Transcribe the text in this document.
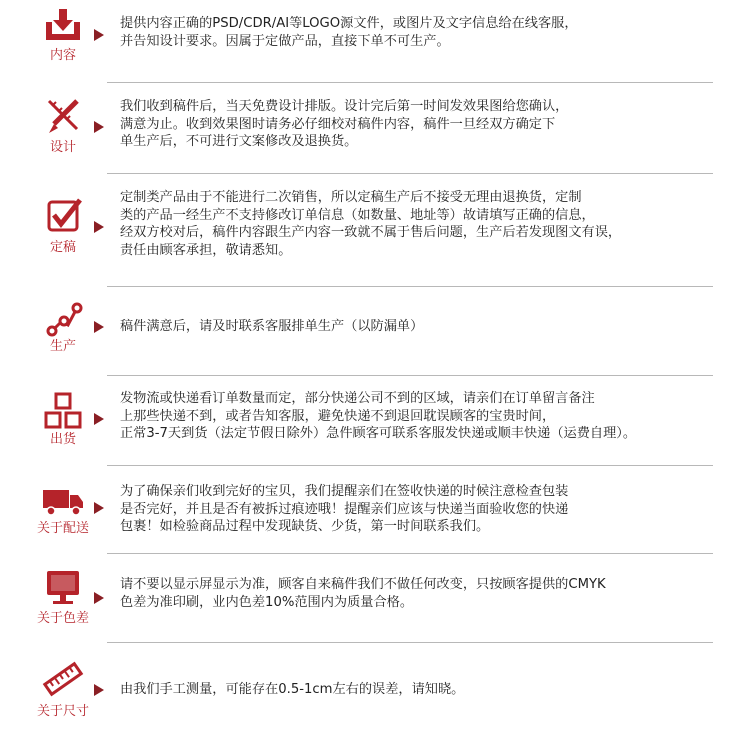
内容
提供内容正确的PSD/CDR/AI等LOGO源文件，或图片及文字信息给在线客服，
并告知设计要求。因属于定做产品，直接下单不可生产。
设计
我们收到稿件后，当天免费设计排版。设计完后第一时间发效果图给您确认，
满意为止。收到效果图时请务必仔细校对稿件内容，稿件一旦经双方确定下
单生产后，不可进行文案修改及退换货。
定稿
定制类产品由于不能进行二次销售，所以定稿生产后不接受无理由退换货，定制
类的产品一经生产不支持修改订单信息（如数量、地址等）故请填写正确的信息，
经双方校对后，稿件内容跟生产内容一致就不属于售后问题，生产后若发现图文有误，
责任由顾客承担，敬请悉知。
生产
稿件满意后，请及时联系客服排单生产（以防漏单）
出货
发物流或快递看订单数量而定，部分快递公司不到的区域，请亲们在订单留言备注
上那些快递不到，或者告知客服，避免快递不到退回耽误顾客的宝贵时间，
正常3-7天到货（法定节假日除外）急件顾客可联系客服发快递或顺丰快递（运费自理）。
关于配送
为了确保亲们收到完好的宝贝，我们提醒亲们在签收快递的时候注意检查包装
是否完好，并且是否有被拆过痕迹哦！提醒亲们应该与快递当面验收您的快递
包裹！如检验商品过程中发现缺货、少货，第一时间联系我们。
关于色差
请不要以显示屏显示为准，顾客自来稿件我们不做任何改变，只按顾客提供的CMYK
色差为准印刷，业内色差10%范围内为质量合格。
关于尺寸
由我们手工测量，可能存在0.5-1cm左右的误差，请知晓。
